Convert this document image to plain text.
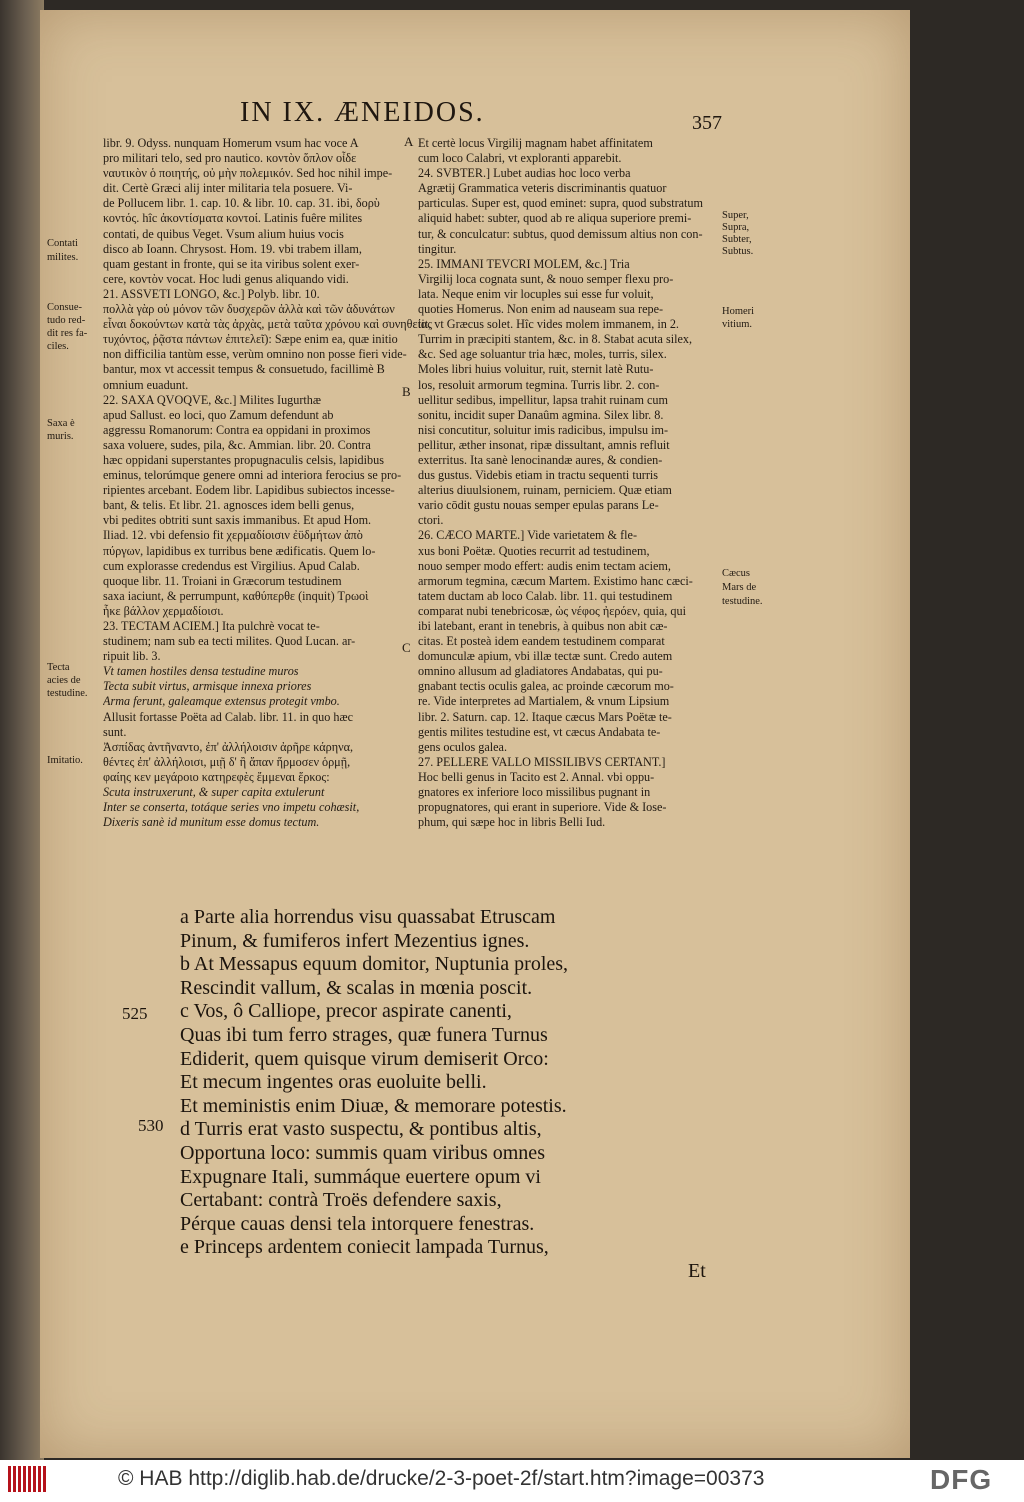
IN IX. ÆNEIDOS.	357
libr. 9. Odyss. nunquam Homerum vsum hac voce A
pro militari telo, sed pro nautico. κοντὸν ὅπλον οἶδε
ναυτικὸν ὁ ποιητής, οὐ μὴν πολεμικόν. Sed hoc nihil impe-
dit. Certè Græci alij inter militaria tela posuere. Vi-
de Pollucem libr. 1. cap. 10. & libr. 10. cap. 31. ibi, δορὺ
κοντός. hîc ἀκοντίσματα κοντοί. Latinis fuêre milites
contati, de quibus Veget. Vsum alium huius vocis
disco ab Ioann. Chrysost. Hom. 19. vbi trabem illam,
quam gestant in fronte, qui se ita viribus solent exer-
cere, κοντὸν vocat. Hoc ludi genus aliquando vidi.
21. ASSVETI LONGO, &c.] Polyb. libr. 10.
πολλὰ γὰρ οὐ μόνον τῶν δυσχερῶν ἀλλὰ καὶ τῶν ἀδυνάτων
εἶναι δοκούντων κατὰ τὰς ἀρχὰς, μετὰ ταῦτα χρόνου καὶ συνηθείας
τυχόντος, ῥᾷστα πάντων ἐπιτελεῖ): Sæpe enim ea, quæ initio
non difficilia tantùm esse, verùm omnino non posse fieri vide-
bantur, mox vt accessit tempus & consuetudo, facillimè B
omnium euadunt.
22. SAXA QVOQVE, &c.] Milites Iugurthæ
apud Sallust. eo loci, quo Zamum defendunt ab
aggressu Romanorum: Contra ea oppidani in proximos
saxa voluere, sudes, pila, &c. Ammian. libr. 20. Contra
hæc oppidani superstantes propugnaculis celsis, lapidibus
eminus, telorúmque genere omni ad interiora ferocius se pro-
ripientes arcebant. Eodem libr. Lapidibus subiectos incesse-
bant, & telis. Et libr. 21. agnosces idem belli genus,
vbi pedites obtriti sunt saxis immanibus. Et apud Hom.
Iliad. 12. vbi defensio fit χερμαδίοισιν ἐϋδμήτων ἀπὸ
πύργων, lapidibus ex turribus bene ædificatis. Quem lo-
cum explorasse credendus est Virgilius. Apud Calab.
quoque libr. 11. Troiani in Græcorum testudinem
saxa iaciunt, & perrumpunt, καθύπερθε (inquit) Τρωοὶ
ἧκε βάλλον χερμαδίοισι.
23. TECTAM ACIEM.] Ita pulchrè vocat te-
studinem; nam sub ea tecti milites. Quod Lucan. ar-
ripuit lib. 3.
Vt tamen hostiles densa testudine muros
Tecta subit virtus, armisque innexa priores
Arma ferunt, galeamque extensus protegit vmbo.
Allusit fortasse Poëta ad Calab. libr. 11. in quo hæc
sunt.
Ἀσπίδας ἀντῆναντο, ἐπ' ἀλλήλοισιν ἀρῆρε κάρηνα,
θέντες ἐπ' ἀλλήλοισι, μιῇ δ' ἢ ἅπαν ἥρμοσεν ὁρμῇ,
φαίης κεν μεγάροιο κατηρεφὲς ἔμμεναι ἕρκος:
Scuta instruxerunt, & super capita extulerunt
Inter se conserta, totáque series vno impetu cohæsit,
Dixeris sanè id munitum esse domus tectum.
Et certè locus Virgilij magnam habet affinitatem
cum loco Calabri, vt exploranti apparebit.
24. SVBTER.] Lubet audias hoc loco verba
Agrætij Grammatica veteris discriminantis quatuor
particulas. Super est, quod eminet: supra, quod substratum
aliquid habet: subter, quod ab re aliqua superiore premi-
tur, & conculcatur: subtus, quod demissum altius non con-
tingitur.
25. IMMANI TEVCRI MOLEM, &c.] Tria
Virgilij loca cognata sunt, & nouo semper flexu pro-
lata. Neque enim vir locuples sui esse fur voluit,
quoties Homerus. Non enim ad nauseam sua repe-
tit, vt Græcus solet. Hîc vides molem immanem, in 2.
Turrim in præcipiti stantem, &c. in 8. Stabat acuta silex,
&c. Sed age soluantur tria hæc, moles, turris, silex.
Moles libri huius voluitur, ruit, sternit latè Rutu-
los, resoluit armorum tegmina. Turris libr. 2. con-
uellitur sedibus, impellitur, lapsa trahit ruinam cum
sonitu, incidit super Danaûm agmina. Silex libr. 8.
nisi concutitur, soluitur imis radicibus, impulsu im-
pellitur, æther insonat, ripæ dissultant, amnis refluit
exterritus. Ita sanè lenocinandæ aures, & condien-
dus gustus. Videbis etiam in tractu sequenti turris
alterius diuulsionem, ruinam, perniciem. Quæ etiam
vario cōdit gustu nouas semper epulas parans Le-
ctori.
26. CÆCO MARTE.] Vide varietatem & fle-
xus boni Poëtæ. Quoties recurrit ad testudinem,
nouo semper modo effert: audis enim tectam aciem,
armorum tegmina, cæcum Martem. Existimo hanc cæci-
tatem ductam ab loco Calab. libr. 11. qui testudinem
comparat nubi tenebricosæ, ὡς νέφος ἠερόεν, quia, qui
ibi latebant, erant in tenebris, à quibus non abit cæ-
citas. Et posteà idem eandem testudinem comparat
domunculæ apium, vbi illæ tectæ sunt. Credo autem
omnino allusum ad gladiatores Andabatas, qui pu-
gnabant tectis oculis galea, ac proinde cæcorum mo-
re. Vide interpretes ad Martialem, & vnum Lipsium
libr. 2. Saturn. cap. 12. Itaque cæcus Mars Poëtæ te-
gentis milites testudine est, vt cæcus Andabata te-
gens oculos galea.
27. PELLERE VALLO MISSILIBVS CERTANT.]
Hoc belli genus in Tacito est 2. Annal. vbi oppu-
gnatores ex inferiore loco missilibus pugnant in
propugnatores, qui erant in superiore. Vide & Iose-
phum, qui sæpe hoc in libris Belli Iud.
Contati
milites.
Consue-
tudo red-
dit res fa-
ciles.
Saxa è
muris.
Tecta
acies de
testudine.
Imitatio.
Super,
Supra,
Subter,
Subtus.
Homeri
vitium.
Cæcus
Mars de
testudine.
A
B
C
a Parte alia horrendus visu quassabat Etruscam
Pinum, & fumiferos infert Mezentius ignes.
b At Messapus equum domitor, Nuptunia proles,
Rescindit vallum, & scalas in mœnia poscit.
c Vos, ô Calliope, precor aspirate canenti,
Quas ibi tum ferro strages, quæ funera Turnus
Ediderit, quem quisque virum demiserit Orco:
Et mecum ingentes oras euoluite belli.
Et meministis enim Diuæ, & memorare potestis.
d Turris erat vasto suspectu, & pontibus altis,
Opportuna loco: summis quam viribus omnes
Expugnare Itali, summáque euertere opum vi
Certabant: contrà Troës defendere saxis,
Pérque cauas densi tela intorquere fenestras.
e Princeps ardentem coniecit lampada Turnus,
525
530
Et
© HAB http://diglib.hab.de/drucke/2-3-poet-2f/start.htm?image=00373	DFG
